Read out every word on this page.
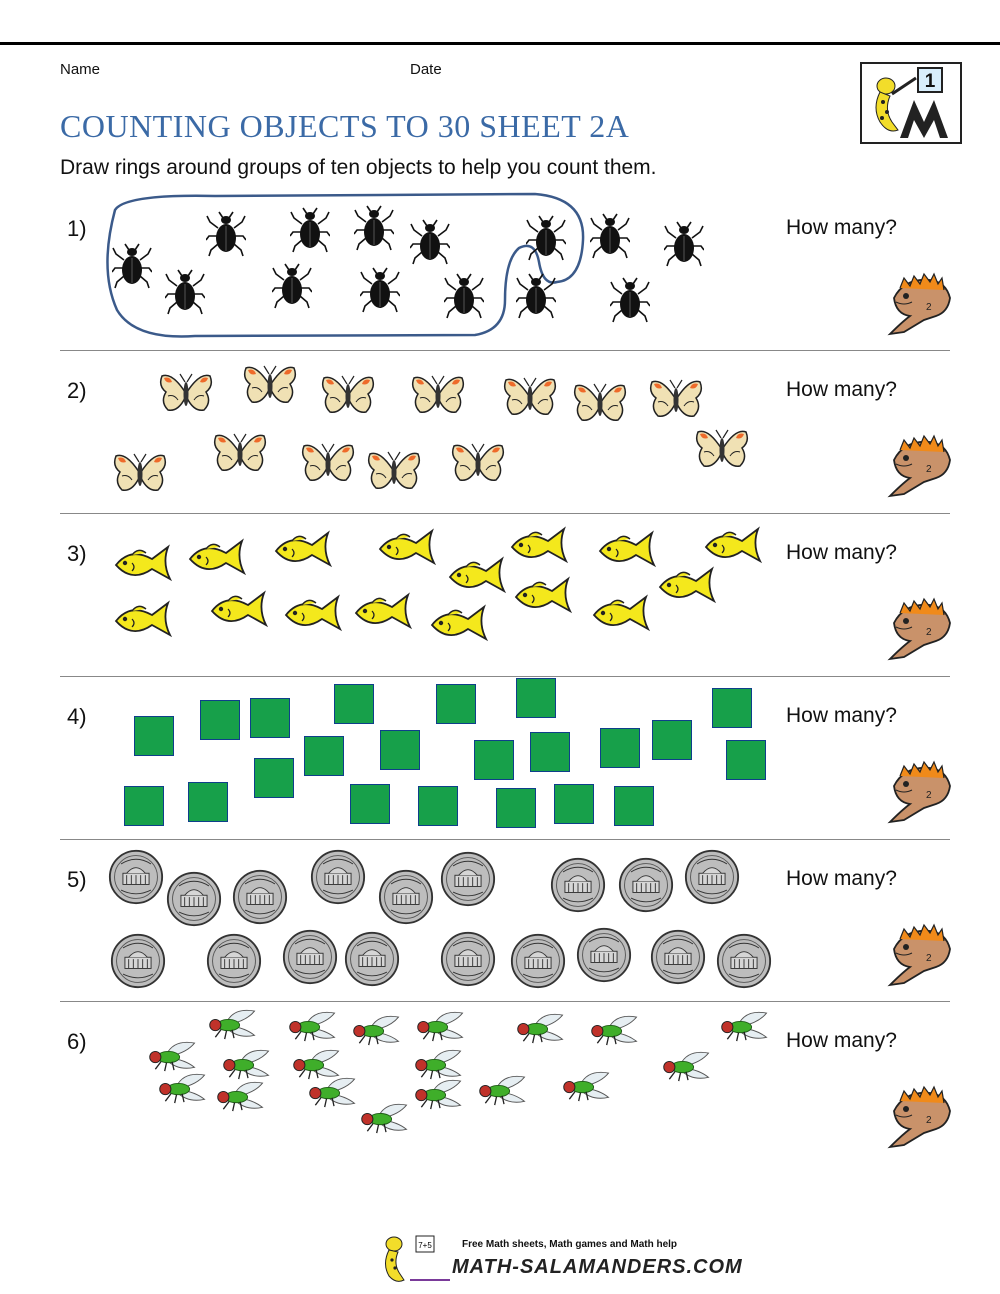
Name	Date
1
COUNTING OBJECTS TO 30 SHEET 2A
Draw rings around groups of ten objects to help you count them.
1)	How many?
2)	How many?
3)	How many?
4)	How many?
5)	How many?
6)	How many?
7+5	Free Math sheets, Math games and Math help
MATH-SALAMANDERS.COM
